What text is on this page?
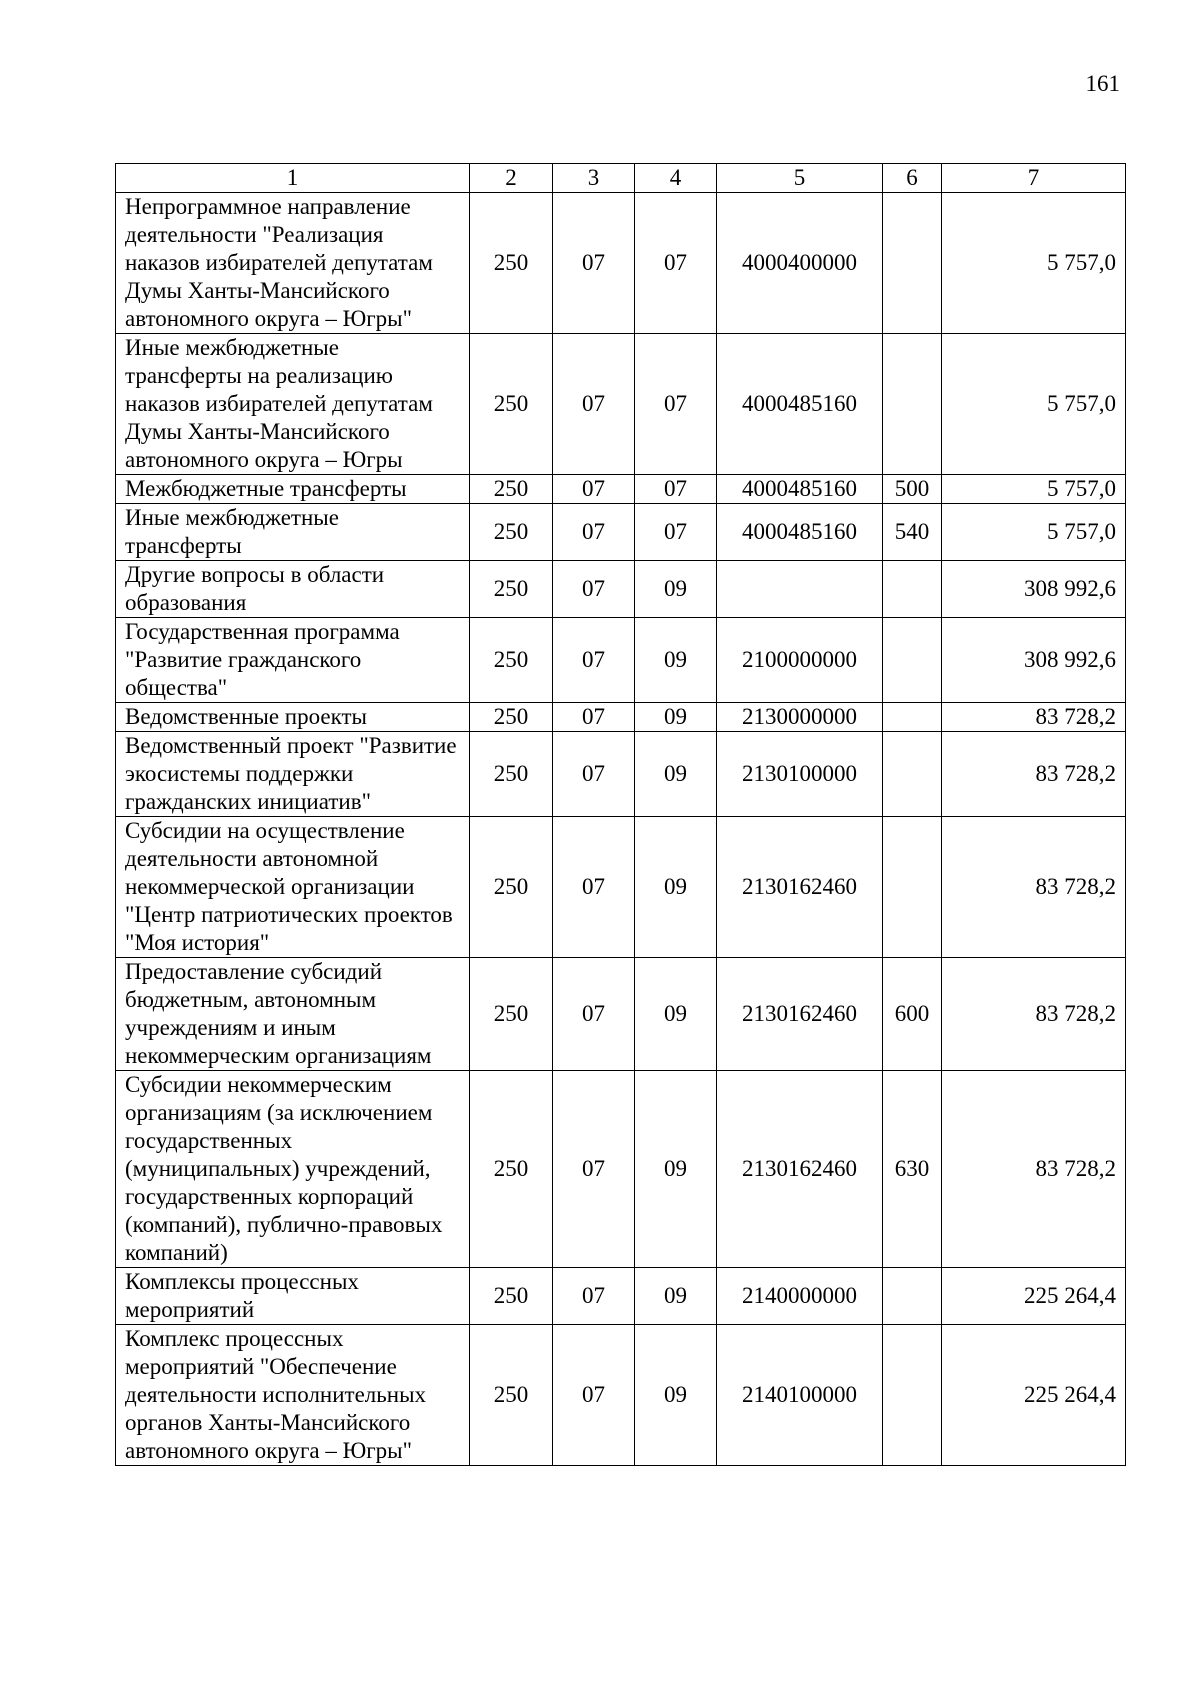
161
1	2	3	4	5	6	7
Непрограммное направление деятельности "Реализация наказов избирателей депутатам Думы Ханты-Мансийского автономного округа – Югры"	250	07	07	4000400000		5 757,0
Иные межбюджетные трансферты на реализацию наказов избирателей депутатам Думы Ханты-Мансийского автономного округа – Югры	250	07	07	4000485160		5 757,0
Межбюджетные трансферты	250	07	07	4000485160	500	5 757,0
Иные межбюджетные трансферты	250	07	07	4000485160	540	5 757,0
Другие вопросы в области образования	250	07	09			308 992,6
Государственная программа "Развитие гражданского общества"	250	07	09	2100000000		308 992,6
Ведомственные проекты	250	07	09	2130000000		83 728,2
Ведомственный проект "Развитие экосистемы поддержки гражданских инициатив"	250	07	09	2130100000		83 728,2
Субсидии на осуществление деятельности автономной некоммерческой организации "Центр патриотических проектов "Моя история"	250	07	09	2130162460		83 728,2
Предоставление субсидий бюджетным, автономным учреждениям и иным некоммерческим организациям	250	07	09	2130162460	600	83 728,2
Субсидии некоммерческим организациям (за исключением государственных (муниципальных) учреждений, государственных корпораций (компаний), публично-правовых компаний)	250	07	09	2130162460	630	83 728,2
Комплексы процессных мероприятий	250	07	09	2140000000		225 264,4
Комплекс процессных мероприятий "Обеспечение деятельности исполнительных органов Ханты-Мансийского автономного округа – Югры"	250	07	09	2140100000		225 264,4
